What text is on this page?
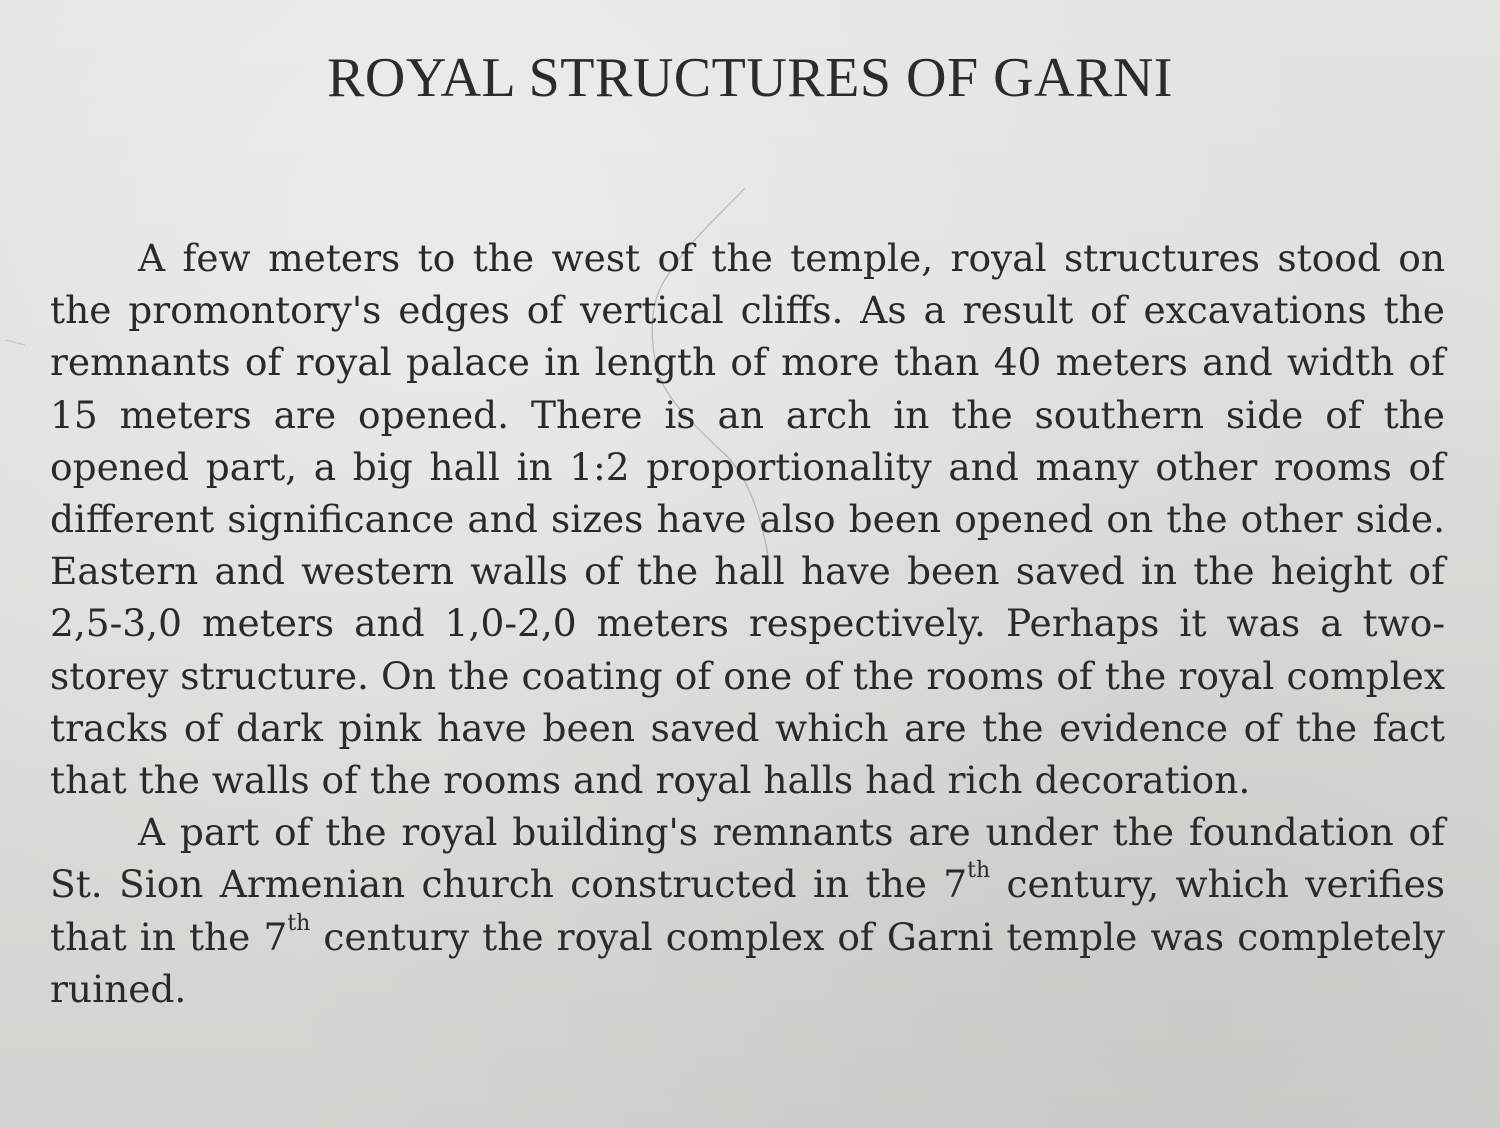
ROYAL STRUCTURES OF GARNI

A few meters to the west of the temple, royal structures stood on the promontory's edges of vertical cliffs. As a result of excavations the remnants of royal palace in length of more than 40 meters and width of 15 meters are opened. There is an arch in the southern side of the opened part, a big hall in 1:2 proportionality and many other rooms of different significance and sizes have also been opened on the other side. Eastern and western walls of the hall have been saved in the height of 2,5-3,0 meters and 1,0-2,0 meters respectively. Perhaps it was a two-storey structure. On the coating of one of the rooms of the royal complex tracks of dark pink have been saved which are the evidence of the fact that the walls of the rooms and royal halls had rich decoration.

A part of the royal building's remnants are under the foundation of St. Sion Armenian church constructed in the 7th century, which verifies that in the 7th century the royal complex of Garni temple was completely ruined.
